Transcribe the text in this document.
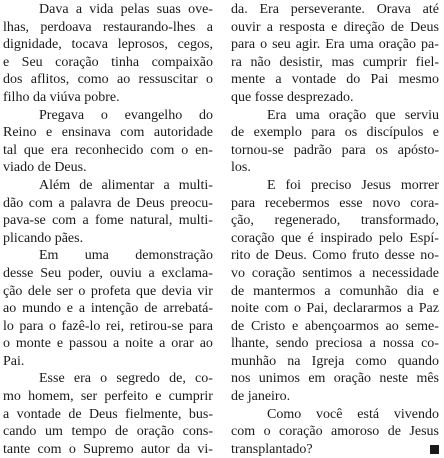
Dava a vida pelas suas ove-
lhas, perdoava restaurando-lhes a
dignidade, tocava leprosos, cegos,
e Seu coração tinha compaixão
dos aflitos, como ao ressuscitar o
filho da viúva pobre.
Pregava o evangelho do
Reino e ensinava com autoridade
tal que era reconhecido com o en-
viado de Deus.
Além de alimentar a multi-
dão com a palavra de Deus preocu-
pava-se com a fome natural, multi-
plicando pães.
Em uma demonstração
desse Seu poder, ouviu a exclama-
ção dele ser o profeta que devia vir
ao mundo e a intenção de arrebatá-
lo para o fazê-lo rei, retirou-se para
o monte e passou a noite a orar ao
Pai.
Esse era o segredo de, co-
mo homem, ser perfeito e cumprir
a vontade de Deus fielmente, bus-
cando um tempo de oração cons-
tante com o Supremo autor da vi-
da. Era perseverante. Orava até
ouvir a resposta e direção de Deus
para o seu agir. Era uma oração pa-
ra não desistir, mas cumprir fiel-
mente a vontade do Pai mesmo
que fosse desprezado.
Era uma oração que serviu
de exemplo para os discípulos e
tornou-se padrão para os apósto-
los.
E foi preciso Jesus morrer
para recebermos esse novo cora-
ção, regenerado, transformado,
coração que é inspirado pelo Espí-
rito de Deus. Como fruto desse no-
vo coração sentimos a necessidade
de mantermos a comunhão dia e
noite com o Pai, declararmos a Paz
de Cristo e abençoarmos ao seme-
lhante, sendo preciosa a nossa co-
munhão na Igreja como quando
nos unimos em oração neste mês
de janeiro.
Como você está vivendo
com o coração amoroso de Jesus
transplantado?
